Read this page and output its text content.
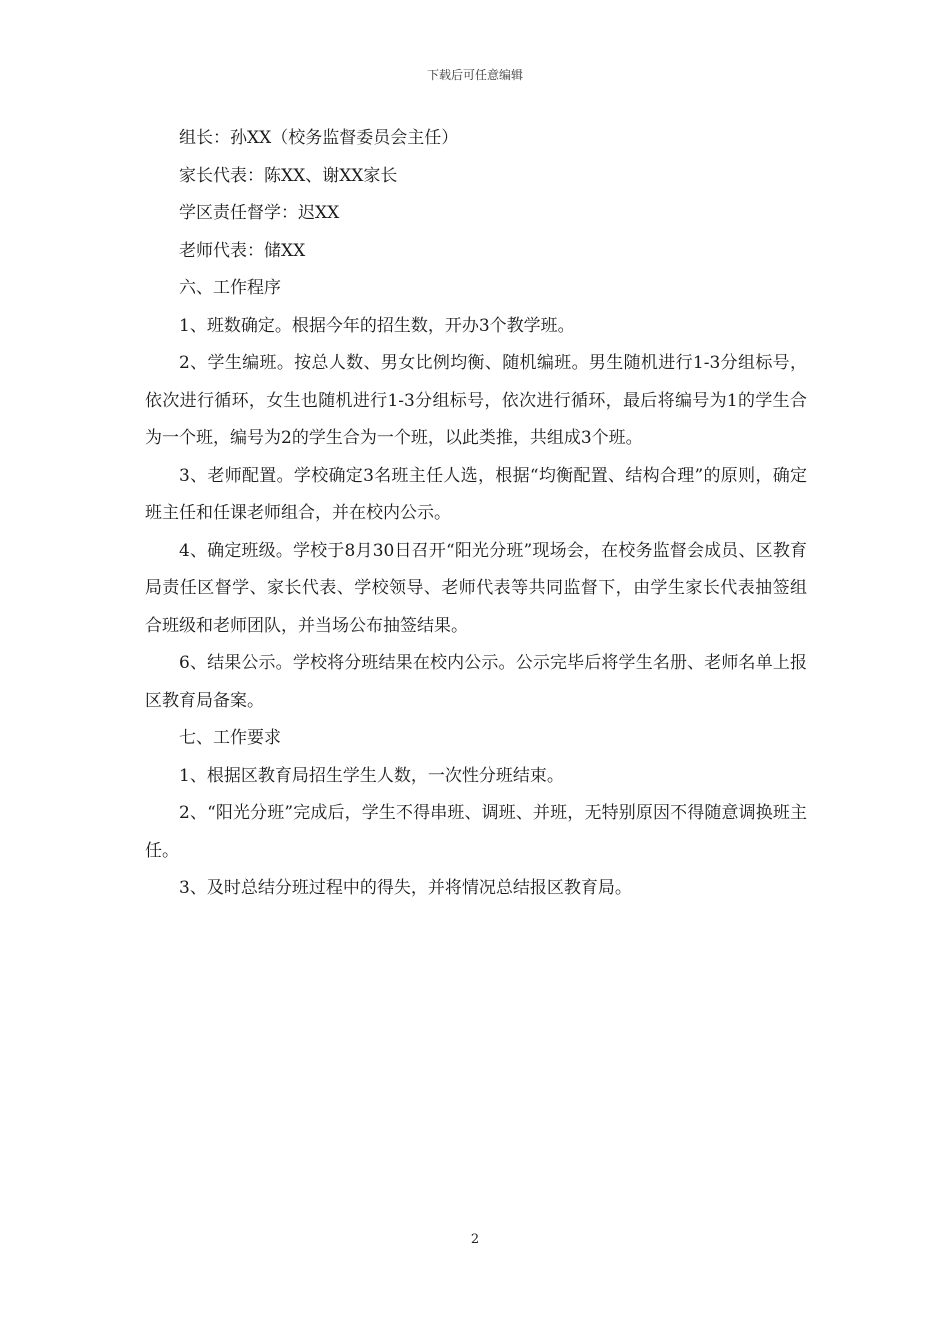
下载后可任意编辑

组长：孙XX（校务监督委员会主任）

家长代表：陈XX、谢XX家长

学区责任督学：迟XX

老师代表：储XX

六、工作程序

1、班数确定。根据今年的招生数，开办3个教学班。

2、学生编班。按总人数、男女比例均衡、随机编班。男生随机进行1-3分组标号，依次进行循环，女生也随机进行1-3分组标号，依次进行循环，最后将编号为1的学生合为一个班，编号为2的学生合为一个班，以此类推，共组成3个班。

3、老师配置。学校确定3名班主任人选，根据“均衡配置、结构合理”的原则，确定班主任和任课老师组合，并在校内公示。

4、确定班级。学校于8月30日召开“阳光分班”现场会，在校务监督会成员、区教育局责任区督学、家长代表、学校领导、老师代表等共同监督下，由学生家长代表抽签组合班级和老师团队，并当场公布抽签结果。

6、结果公示。学校将分班结果在校内公示。公示完毕后将学生名册、老师名单上报区教育局备案。

七、工作要求

1、根据区教育局招生学生人数，一次性分班结束。

2、“阳光分班”完成后，学生不得串班、调班、并班，无特别原因不得随意调换班主任。

3、及时总结分班过程中的得失，并将情况总结报区教育局。

2
